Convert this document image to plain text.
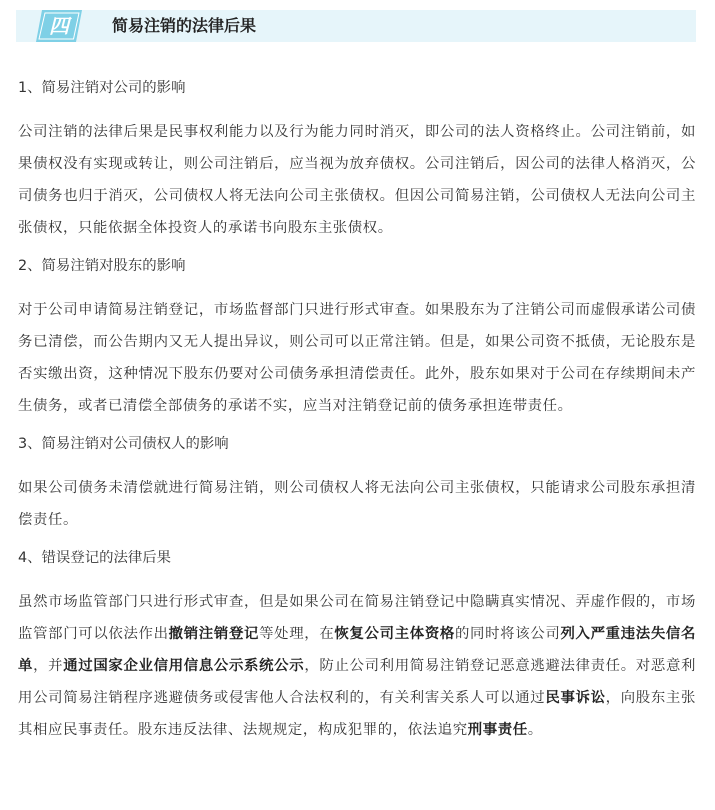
四	简易注销的法律后果

1、简易注销对公司的影响

公司注销的法律后果是民事权利能力以及行为能力同时消灭，即公司的法人资格终止。公司注销前，如果债权没有实现或转让，则公司注销后，应当视为放弃债权。公司注销后，因公司的法律人格消灭，公司债务也归于消灭，公司债权人将无法向公司主张债权。但因公司简易注销，公司债权人无法向公司主张债权，只能依据全体投资人的承诺书向股东主张债权。

2、简易注销对股东的影响

对于公司申请简易注销登记，市场监督部门只进行形式审查。如果股东为了注销公司而虚假承诺公司债务已清偿，而公告期内又无人提出异议，则公司可以正常注销。但是，如果公司资不抵债，无论股东是否实缴出资，这种情况下股东仍要对公司债务承担清偿责任。此外，股东如果对于公司在存续期间未产生债务，或者已清偿全部债务的承诺不实，应当对注销登记前的债务承担连带责任。

3、简易注销对公司债权人的影响

如果公司债务未清偿就进行简易注销，则公司债权人将无法向公司主张债权，只能请求公司股东承担清偿责任。

4、错误登记的法律后果

虽然市场监管部门只进行形式审查，但是如果公司在简易注销登记中隐瞒真实情况、弄虚作假的，市场监管部门可以依法作出撤销注销登记等处理，在恢复公司主体资格的同时将该公司列入严重违法失信名单，并通过国家企业信用信息公示系统公示，防止公司利用简易注销登记恶意逃避法律责任。对恶意利用公司简易注销程序逃避债务或侵害他人合法权利的，有关利害关系人可以通过民事诉讼，向股东主张其相应民事责任。股东违反法律、法规规定，构成犯罪的，依法追究刑事责任。
